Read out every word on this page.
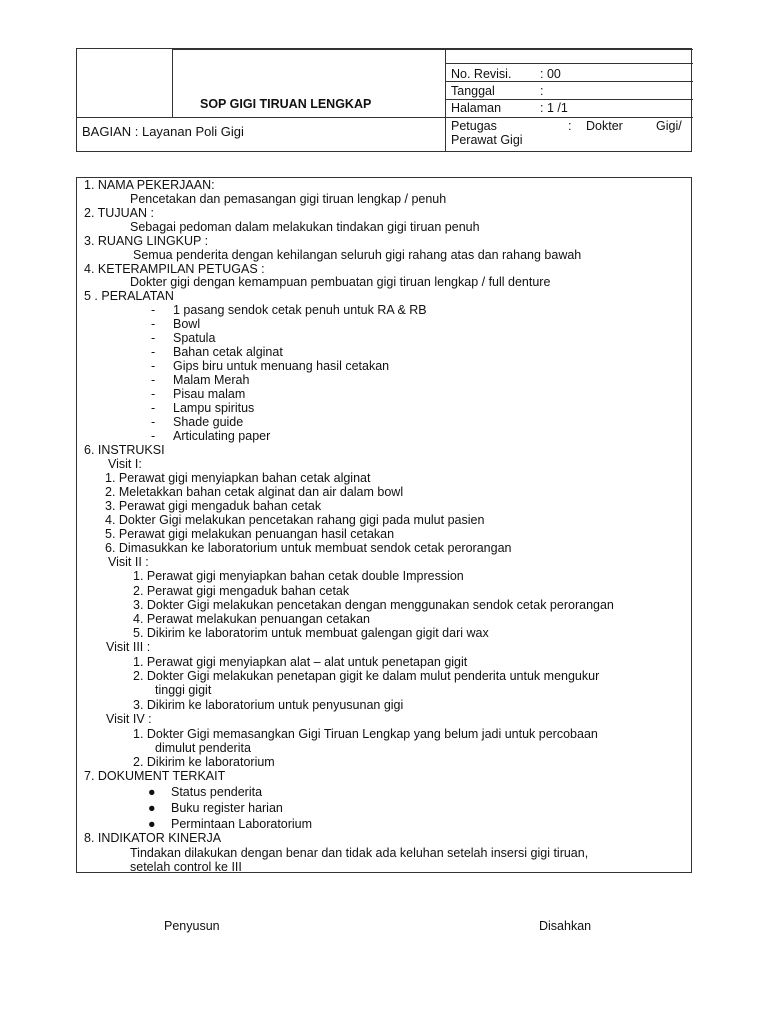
SOP GIGI TIRUAN LENGKAP
BAGIAN : Layanan Poli Gigi
No. Revisi. : 00
Tanggal	:
Halaman	: 1 /1
Petugas	: Dokter	Gigi/
Perawat Gigi
1. NAMA PEKERJAAN:
Pencetakan dan pemasangan gigi tiruan lengkap / penuh
2. TUJUAN :
Sebagai pedoman dalam melakukan tindakan gigi tiruan penuh
3. RUANG LINGKUP :
Semua penderita dengan kehilangan seluruh gigi rahang atas dan rahang bawah
4. KETERAMPILAN PETUGAS :
Dokter gigi dengan kemampuan pembuatan gigi tiruan lengkap / full denture
5 . PERALATAN
- 1 pasang sendok cetak penuh untuk RA & RB
- Bowl
- Spatula
- Bahan cetak alginat
- Gips biru untuk menuang hasil cetakan
- Malam Merah
- Pisau malam
- Lampu spiritus
- Shade guide
- Articulating paper
6. INSTRUKSI
Visit I:
1. Perawat gigi menyiapkan bahan cetak alginat
2. Meletakkan bahan cetak alginat dan air dalam bowl
3. Perawat gigi mengaduk bahan cetak
4. Dokter Gigi melakukan pencetakan rahang gigi pada mulut pasien
5. Perawat gigi melakukan penuangan hasil cetakan
6. Dimasukkan ke laboratorium untuk membuat sendok cetak perorangan
Visit II :
1. Perawat gigi menyiapkan bahan cetak double Impression
2. Perawat gigi mengaduk bahan cetak
3. Dokter Gigi melakukan pencetakan dengan menggunakan sendok cetak perorangan
4. Perawat melakukan penuangan cetakan
5. Dikirim ke laboratorim untuk membuat galengan gigit dari wax
Visit III :
1. Perawat gigi menyiapkan alat – alat untuk penetapan gigit
2. Dokter Gigi melakukan penetapan gigit ke dalam mulut penderita untuk mengukur
tinggi gigit
3. Dikirim ke laboratorium untuk penyusunan gigi
Visit IV :
1. Dokter Gigi memasangkan Gigi Tiruan Lengkap yang belum jadi untuk percobaan
dimulut penderita
2. Dikirim ke laboratorium
7. DOKUMENT TERKAIT
● Status penderita
● Buku register harian
● Permintaan Laboratorium
8. INDIKATOR KINERJA
Tindakan dilakukan dengan benar dan tidak ada keluhan setelah insersi gigi tiruan,
setelah control ke III
Penyusun	Disahkan
